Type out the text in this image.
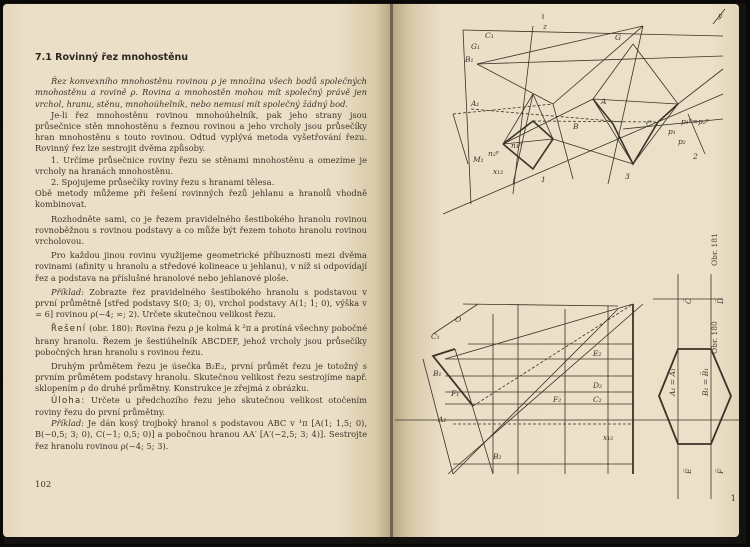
7.1 Rovinný řez mnohostěnu
Řez konvexního mnohostěnu rovinou ρ je množina všech bodů společných mnohostěnu a rovině ρ. Rovina a mnohostěn mohou mít společný právě jen vrchol, hranu, stěnu, mnohoúhelník, nebo nemusí mít společný žádný bod.
Je-li řez mnohostěnu rovinou mnohoúhelník, pak jeho strany jsou průsečnice stěn mnohostěnu s řeznou rovinou a jeho vrcholy jsou průsečíky hran mnohostěnu s touto rovinou. Odtud vyplývá metoda vyšetřování řezu. Rovinný řez lze sestrojit dvěma způsoby.
1. Určíme průsečnice roviny řezu se stěnami mnohostěnu a omezíme je vrcholy na hranách mnohostěnu.
2. Spojujeme průsečíky roviny řezu s hranami tělesa.
Obě metody můžeme při řešení rovinných řezů jehlanu a hranolů vhodně kombinovat.
Rozhodněte sami, co je řezem pravidelného šestibokého hranolu rovinou rovnoběžnou s rovinou podstavy a co může být řezem tohoto hranolu rovinou vrcholovou.
Pro každou jinou rovinu využijeme geometrické příbuznosti mezi dvěma rovinami (afinity u hranolu a středové kolineace u jehlanu), v níž si odpovídají řez a podstava na příslušné hranolové nebo jehlanové ploše.
Příklad: Zobrazte řez pravidelného šestibokého hranolu s podstavou v první průmětně [střed podstavy S(0; 3; 0), vrchol podstavy A(1; 1; 0), výška v = 6] rovinou ρ(−4; ∞; 2). Určete skutečnou velikost řezu.
Řešení (obr. 180): Rovina řezu ρ je kolmá k ²π a protíná všechny pobočné hrany hranolu. Řezem je šestiúhelník ABCDEF, jehož vrcholy jsou průsečíky pobočných hran hranolu s rovinou řezu.
Druhým průmětem řezu je úsečka B₂E₂, první průmět řezu je totožný s prvním průmětem podstavy hranolu. Skutečnou velikost řezu sestrojíme např. sklopením ρ do druhé průmětny. Konstrukce je zřejmá z obrázku.
Úloha: Určete u předchozího řezu jeho skutečnou velikost otočením roviny řezu do první průmětny.
Příklad: Je dán kosý trojboký hranol s podstavou ABC v ¹π [A(1; 1,5; 0), B(−0,5; 3; 0), C(−1; 0,5; 0)] a pobočnou hranou AA′ [A′(−2,5; 3; 4)]. Sestrojte řez hranolu rovinou ρ(−4; 5; 3).
102
G₁
G
C₁
B₁
A₁	A
B	C
M₁
n₁ᵖ
n₂ᵖ
p₂
p₁
p₁ᵖ=p₂ᵖ
x₁₂
y
z
1
2
3
O
C₁
B₁
F₁
E₂
D₂
C₂
A₂
B₂
F₂
x₁₂
A₁ = A̅₁	B₁ = B̅₁
C̅	D̅
E̅	F̅
Obr. 181
Obr. 180
1
